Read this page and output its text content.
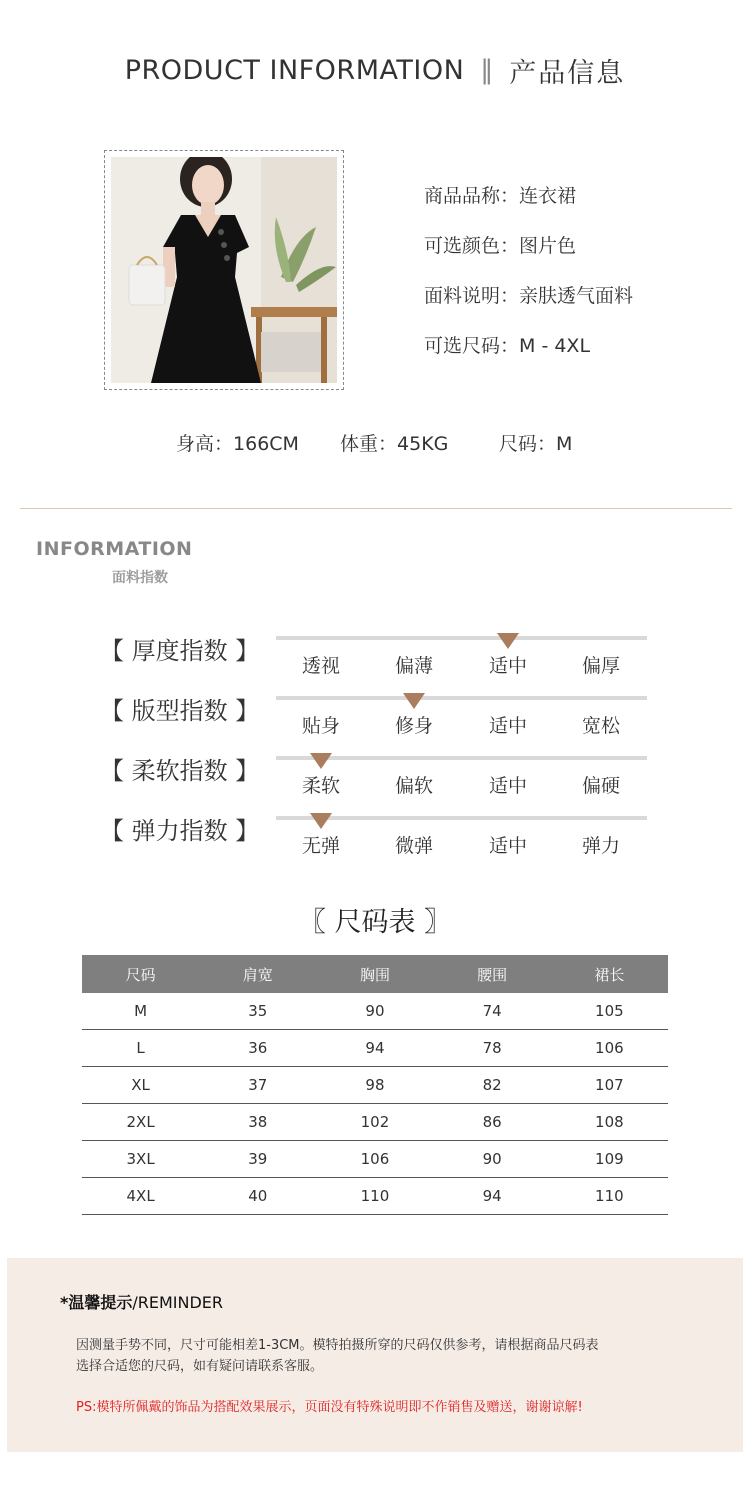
PRODUCT INFORMATION ‖ 产品信息
商品品称：连衣裙
可选颜色：图片色
面料说明：亲肤透气面料
可选尺码：M - 4XL
身高：166CM 体重：45KG	尺码：M
INFORMATION
面料指数
【 厚度指数 】
透视	偏薄	适中	偏厚
【 版型指数 】
贴身	修身	适中	宽松
【 柔软指数 】
柔软	偏软	适中	偏硬
【 弹力指数 】
无弹	微弹	适中	弹力
〖 尺码表 〗
尺码	肩宽	胸围	腰围	裙长
M	35	90	74	105
L	36	94	78	106
XL	37	98	82	107
2XL	38	102	86	108
3XL	39	106	90	109
4XL	40	110	94	110
*温馨提示/REMINDER
因测量手势不同，尺寸可能相差1-3CM。模特拍摄所穿的尺码仅供参考，请根据商品尺码表
选择合适您的尺码，如有疑问请联系客服。
PS:模特所佩戴的饰品为搭配效果展示，页面没有特殊说明即不作销售及赠送，谢谢谅解!
